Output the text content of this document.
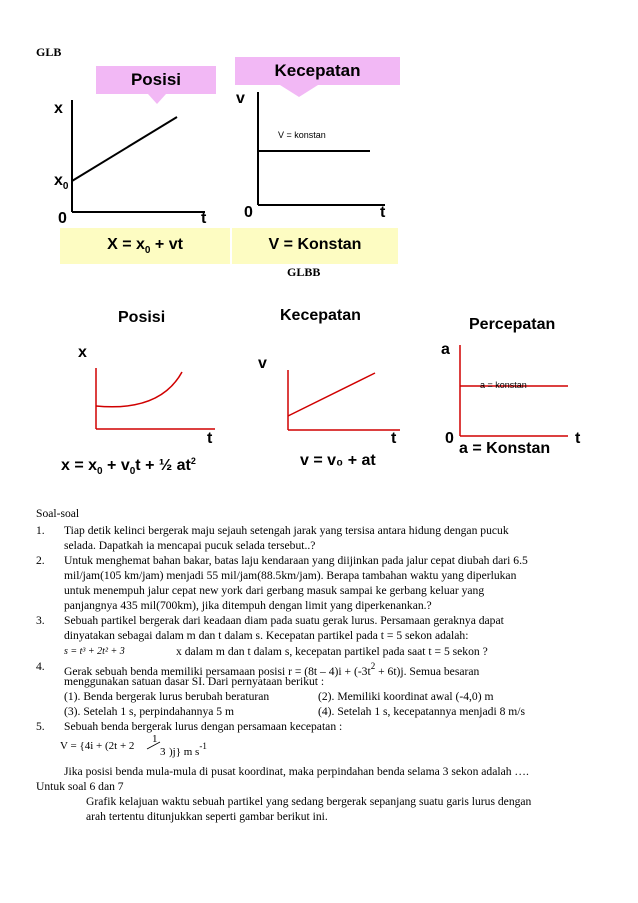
GLB
Posisi	Kecepatan
x
$x_0$
0	t
v
V = konstan
0	t
$X = x_0$ + vt	V = Konstan
GLBB
Posisi	Kecepatan
Percepatan
x
t
v
t
a
0
a = konstan
t
$x = x_0 + v_0t$ + ½ $at^2$	v = v₀ + at
a = Konstan
Soal-soal
1. Tiap detik kelinci bergerak maju sejauh setengah jarak yang tersisa antara hidung dengan pucuk
selada. Dapatkah ia mencapai pucuk selada tersebut..?
2. Untuk menghemat bahan bakar, batas laju kendaraan yang diijinkan pada jalur cepat diubah dari 6.5
mil/jam(105 km/jam) menjadi 55 mil/jam(88.5km/jam). Berapa tambahan waktu yang diperlukan
untuk menempuh jalur cepat new york dari gerbang masuk sampai ke gerbang keluar yang
panjangnya 435 mil(700km), jika ditempuh dengan limit yang diperkenankan.?
3. Sebuah partikel bergerak dari keadaan diam pada suatu gerak lurus. Persamaan geraknya dapat
dinyatakan sebagai dalam m dan t dalam s. Kecepatan partikel pada t = 5 sekon adalah:
s = t³ + 2t² + 3	x dalam m dan t dalam s, kecepatan partikel pada saat t = 5 sekon ?
4. Gerak sebuah benda memiliki persamaan posisi $r = (8t - 4)i + (-3t^2 + 6t)j$. Semua besaran
menggunakan satuan dasar SI. Dari pernyataan berikut :
(1). Benda bergerak lurus berubah beraturan	(2). Memiliki koordinat awal (-4,0) m
(3). Setelah 1 s, perpindahannya 5 m	(4). Setelah 1 s, kecepatannya menjadi 8 m/s
5. Sebuah benda bergerak lurus dengan persamaan kecepatan :
V = {4i + (2t + 2
1
3 )j} m $s^{-1}$
Jika posisi benda mula-mula di pusat koordinat, maka perpindahan benda selama 3 sekon adalah ….
Untuk soal 6 dan 7
Grafik kelajuan waktu sebuah partikel yang sedang bergerak sepanjang suatu garis lurus dengan
arah tertentu ditunjukkan seperti gambar berikut ini.
